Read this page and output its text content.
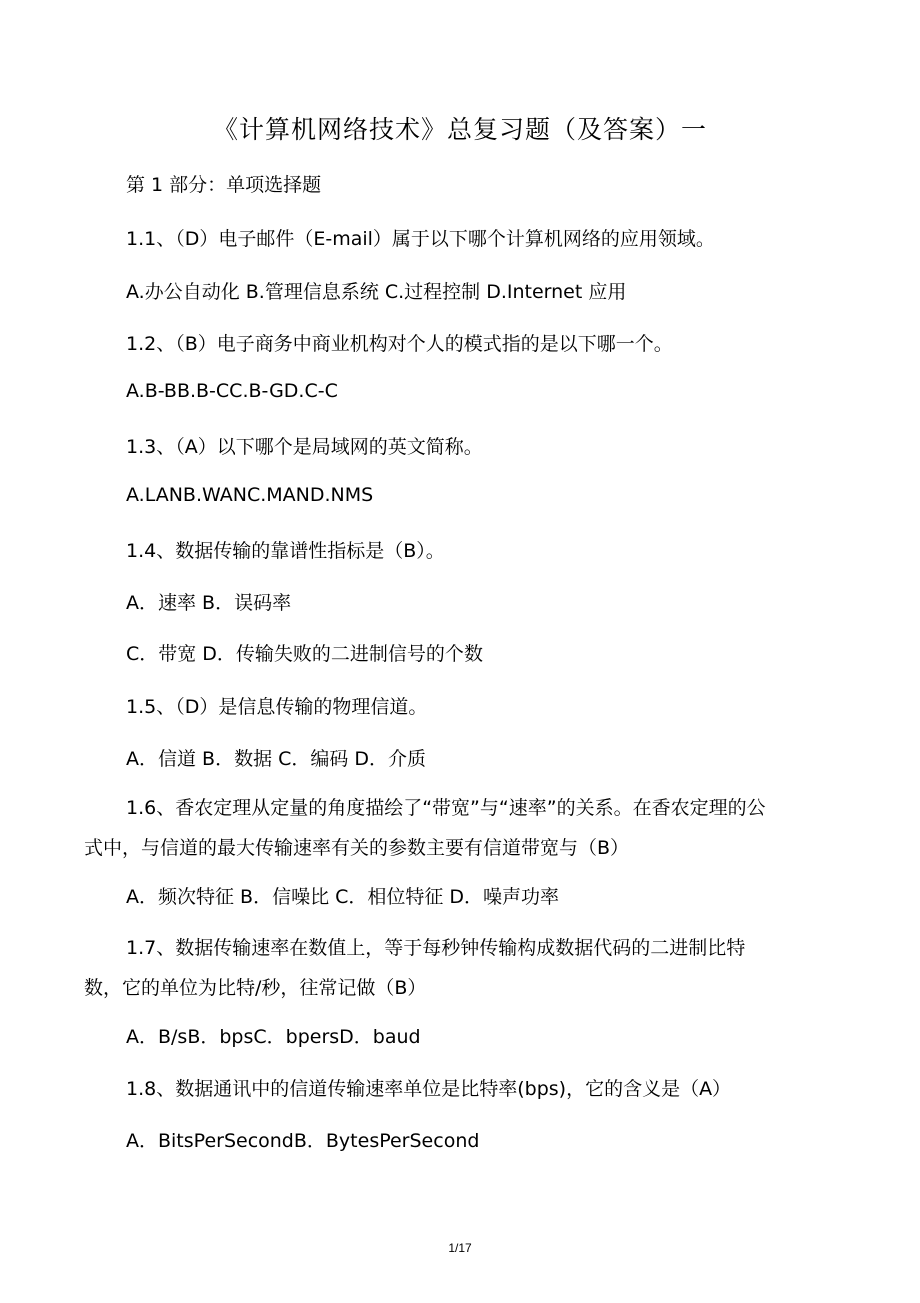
《计算机网络技术》总复习题（及答案）一
第 1 部分：单项选择题
1.1、（D）电子邮件（E-mail）属于以下哪个计算机网络的应用领域。
A.办公自动化 B.管理信息系统 C.过程控制 D.Internet 应用
1.2、（B）电子商务中商业机构对个人的模式指的是以下哪一个。
A.B-BB.B-CC.B-GD.C-C
1.3、（A）以下哪个是局域网的英文简称。
A.LANB.WANC.MAND.NMS
1.4、数据传输的靠谱性指标是（B）。
A．速率 B．误码率
C．带宽 D．传输失败的二进制信号的个数
1.5、（D）是信息传输的物理信道。
A．信道 B．数据 C．编码 D．介质
1.6、香农定理从定量的角度描绘了“带宽”与“速率”的关系。在香农定理的公式中，与信道的最大传输速率有关的参数主要有信道带宽与（B）
A．频次特征 B．信噪比 C．相位特征 D．噪声功率
1.7、数据传输速率在数值上，等于每秒钟传输构成数据代码的二进制比特数，它的单位为比特/秒，往常记做（B）
A．B/sB．bpsC．bpersD．baud
1.8、数据通讯中的信道传输速率单位是比特率(bps)，它的含义是（A）
A．BitsPerSecondB．BytesPerSecond
1/17
